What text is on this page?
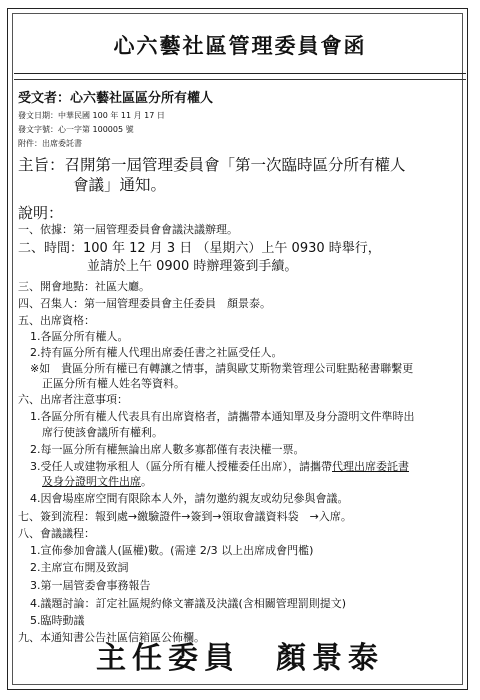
心六藝社區管理委員會函
受文者：心六藝社區區分所有權人
發文日期：中華民國 100 年 11 月 17 日
發文字號：心一字第 100005 號
附件：出席委託書
主旨：召開第一屆管理委員會「第一次臨時區分所有權人
會議」通知。
說明：
一、依據：第一屆管理委員會會議決議辦理。
二、時間：100 年 12 月 3 日 （星期六）上午 0930 時舉行，
並請於上午 0900 時辦理簽到手續。
三、開會地點：社區大廳。
四、召集人：第一屆管理委員會主任委員　顏景泰。
五、出席資格：
1.各區分所有權人。
2.持有區分所有權人代理出席委任書之社區受任人。
※如　貴區分所有權已有轉讓之情事，請與歐艾斯物業管理公司駐點秘書聯繫更
正區分所有權人姓名等資料。
六、出席者注意事項：
1.各區分所有權人代表具有出席資格者，請攜帶本通知單及身分證明文件準時出
席行使該會議所有權利。
2.每一區分所有權無論出席人數多寡都僅有表決權一票。
3.受任人或建物承租人（區分所有權人授權委任出席），請攜帶代理出席委託書
及身分證明文件出席。
4.因會場座席空間有限除本人外，請勿邀約親友或幼兒參與會議。
七、簽到流程：報到處→繳驗證件→簽到→領取會議資料袋　→入席。
八、會議議程：
1.宣佈參加會議人(區權)數。(需達 2/3 以上出席成會門檻)
2.主席宣布開及致詞
3.第一屆管委會事務報告
4.議題討論：訂定社區規約條文審議及決議(含相關管理罰則提文)
5.臨時動議
九、本通知書公告社區信箱區公佈欄。
主任委員　顏景泰
